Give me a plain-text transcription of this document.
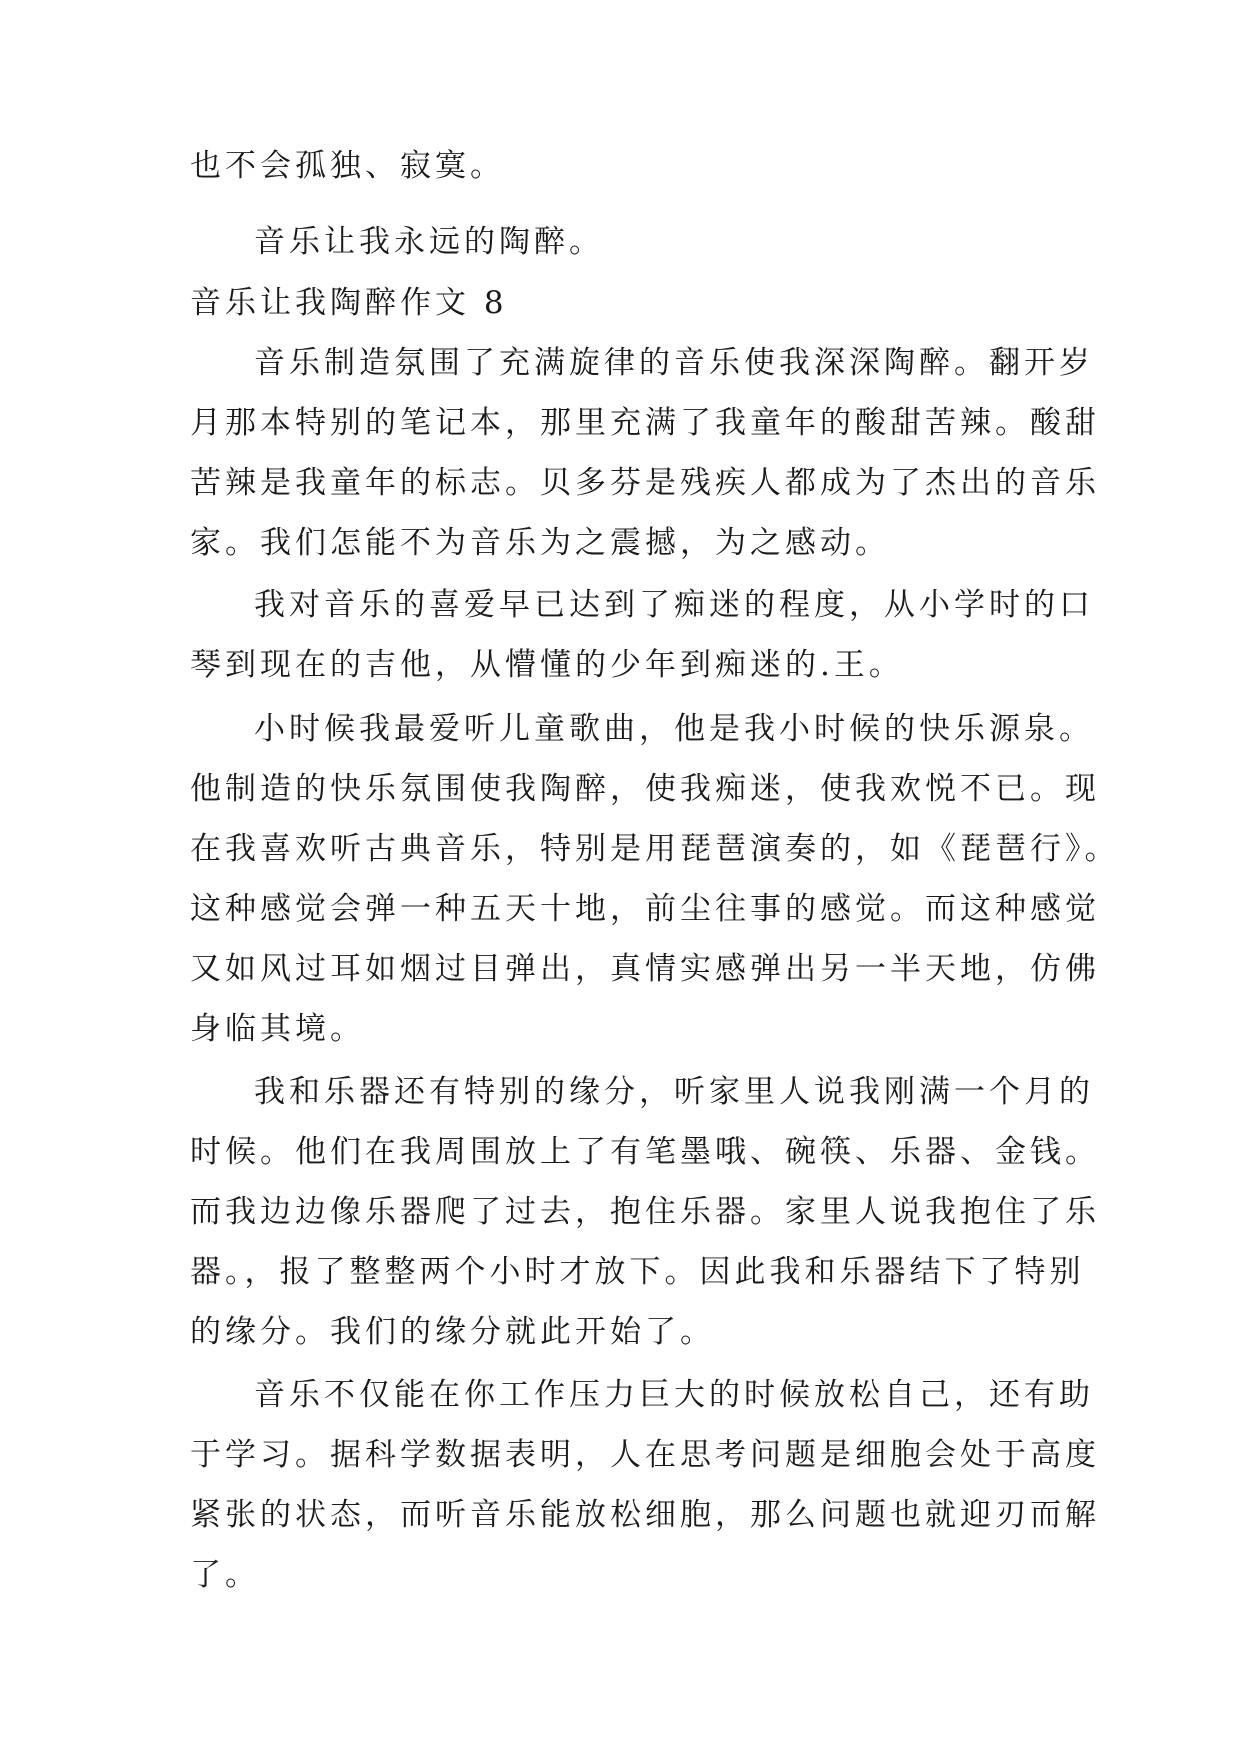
也不会孤独、寂寞。
音乐让我永远的陶醉。
音乐让我陶醉作文 8
音乐制造氛围了充满旋律的音乐使我深深陶醉。翻开岁
月那本特别的笔记本，那里充满了我童年的酸甜苦辣。酸甜
苦辣是我童年的标志。贝多芬是残疾人都成为了杰出的音乐
家。我们怎能不为音乐为之震撼，为之感动。
我对音乐的喜爱早已达到了痴迷的程度，从小学时的口
琴到现在的吉他，从懵懂的少年到痴迷的.王。
小时候我最爱听儿童歌曲，他是我小时候的快乐源泉。
他制造的快乐氛围使我陶醉，使我痴迷，使我欢悦不已。现
在我喜欢听古典音乐，特别是用琵琶演奏的，如《琵琶行》。
这种感觉会弹一种五天十地，前尘往事的感觉。而这种感觉
又如风过耳如烟过目弹出，真情实感弹出另一半天地，仿佛
身临其境。
我和乐器还有特别的缘分，听家里人说我刚满一个月的
时候。他们在我周围放上了有笔墨哦、碗筷、乐器、金钱。
而我边边像乐器爬了过去，抱住乐器。家里人说我抱住了乐
器。，报了整整两个小时才放下。因此我和乐器结下了特别
的缘分。我们的缘分就此开始了。
音乐不仅能在你工作压力巨大的时候放松自己，还有助
于学习。据科学数据表明，人在思考问题是细胞会处于高度
紧张的状态，而听音乐能放松细胞，那么问题也就迎刃而解
了。
